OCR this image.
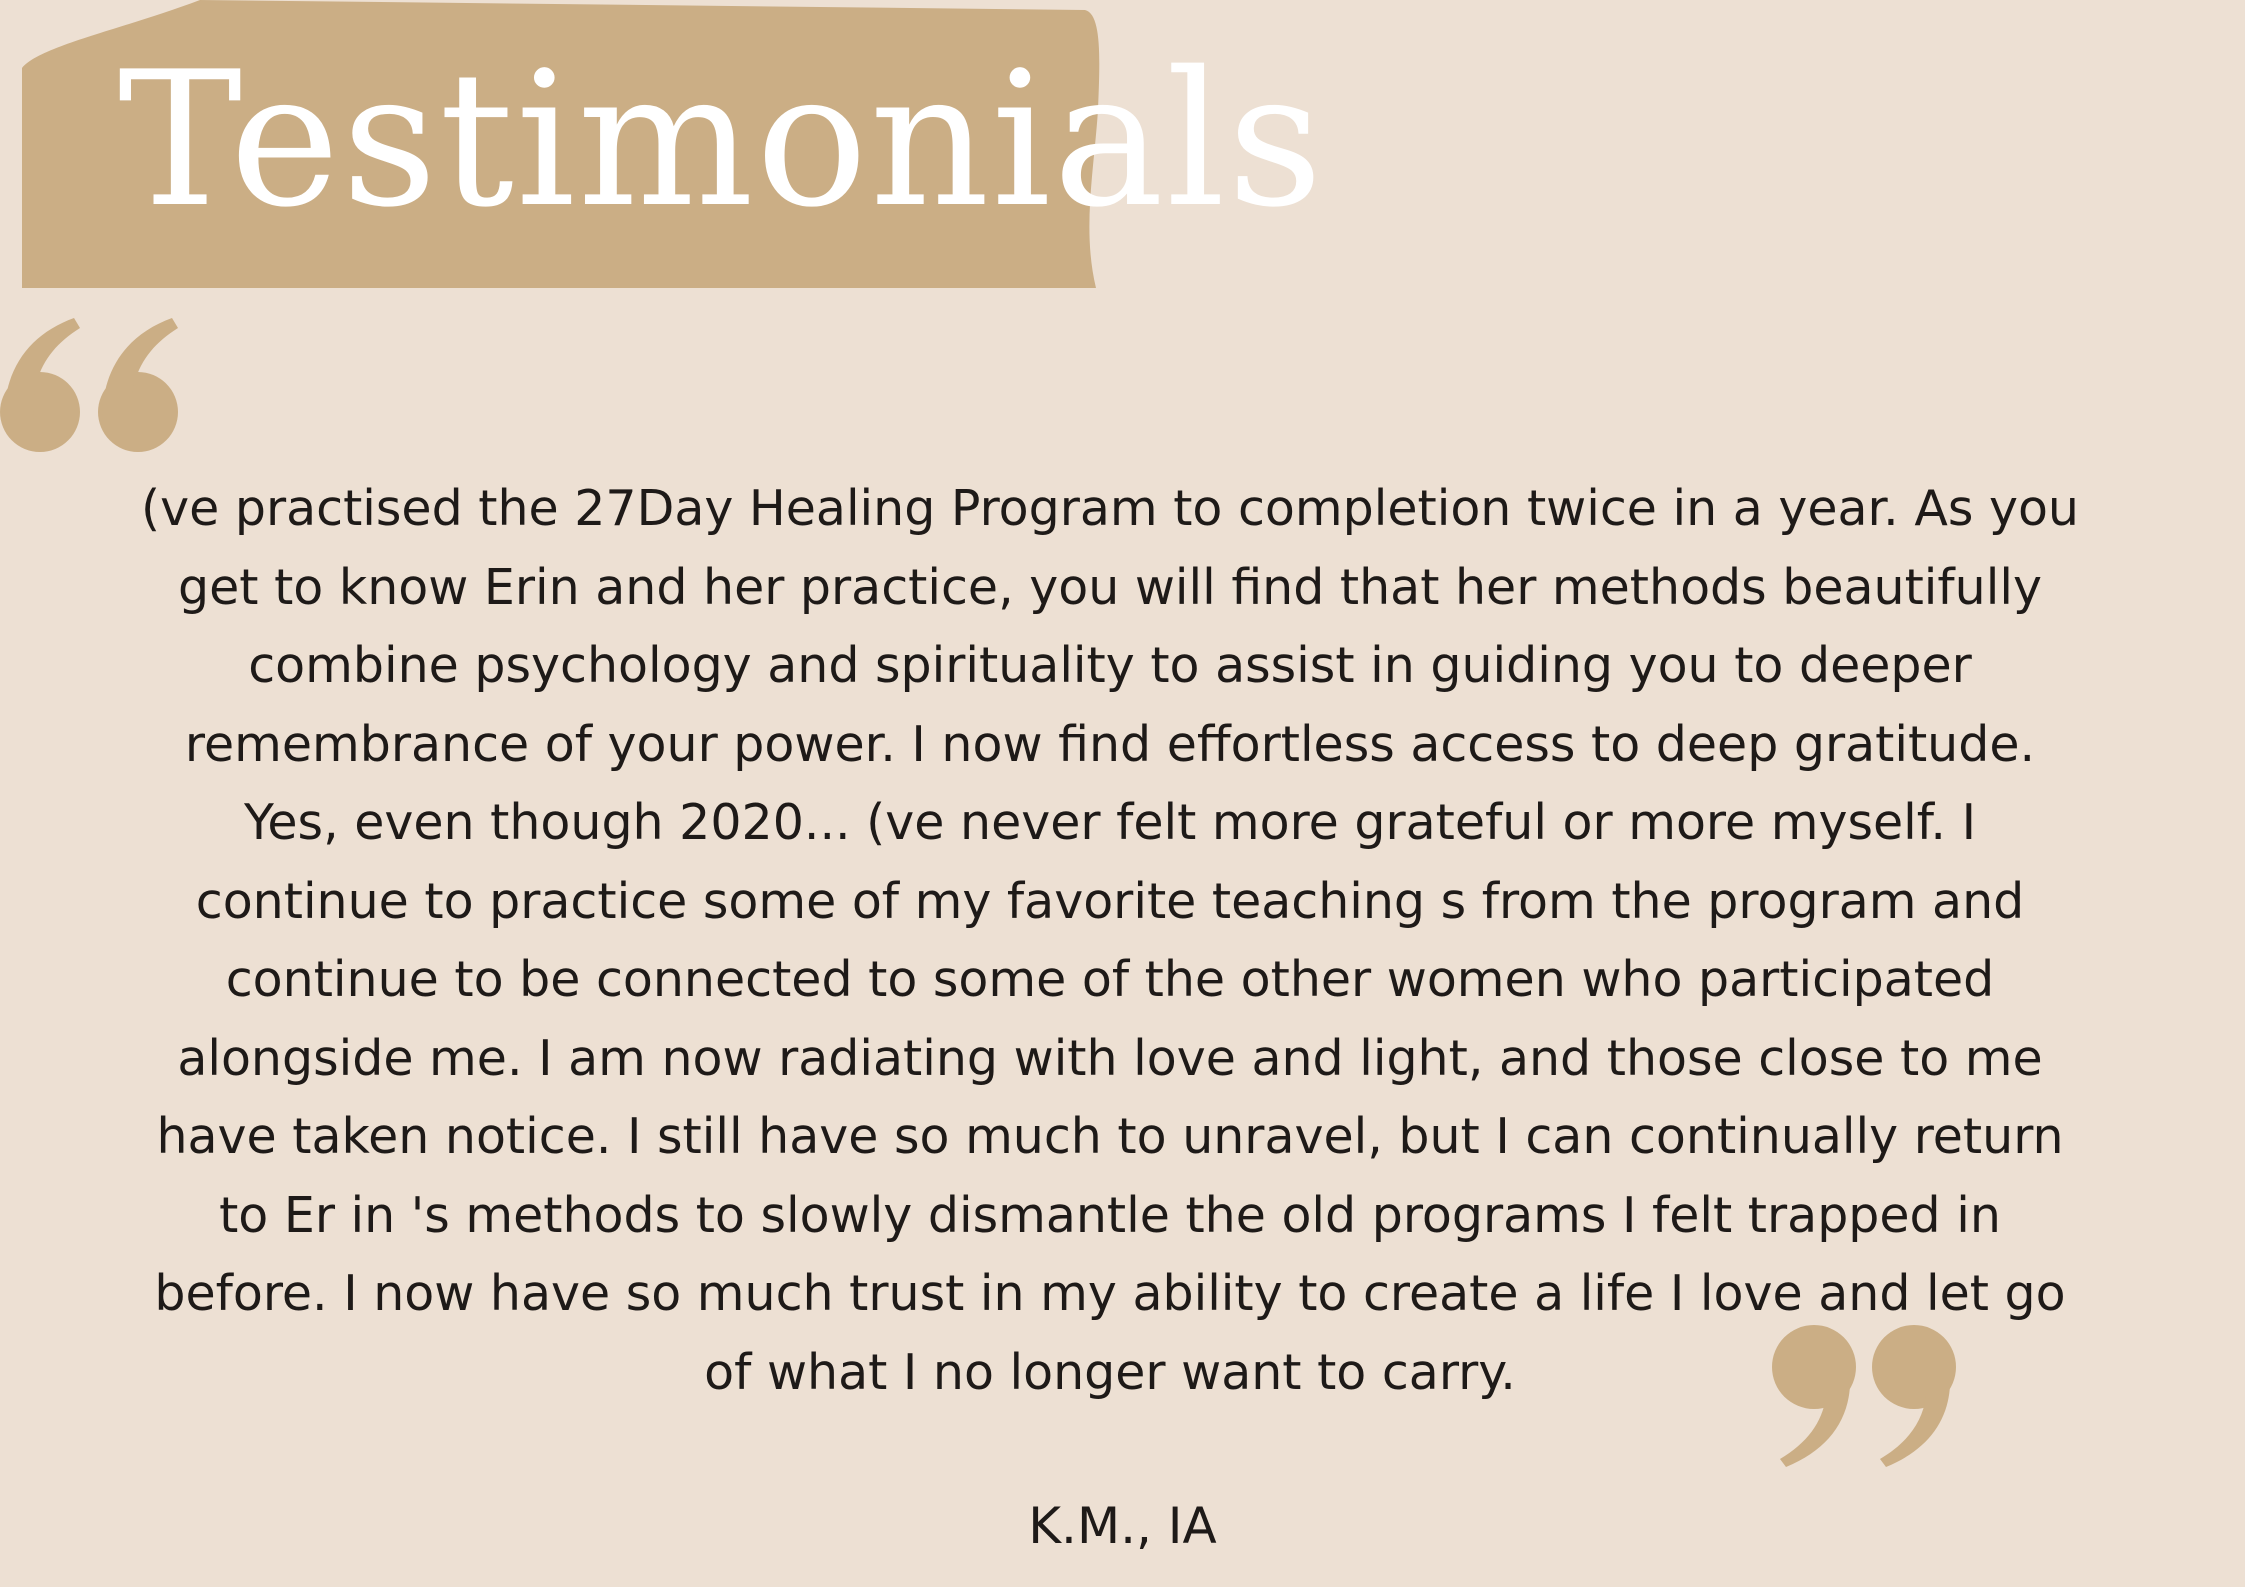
Testimonials

(ve practised the 27Day Healing Program to completion twice in a year. As you
get to know Erin and her practice, you will find that her methods beautifully
combine psychology and spirituality to assist in guiding you to deeper
remembrance of your power. I now find effortless access to deep gratitude.
Yes, even though 2020... (ve never felt more grateful or more myself. I
continue to practice some of my favorite teaching s from the program and
continue to be connected to some of the other women who participated
alongside me. I am now radiating with love and light, and those close to me
have taken notice. I still have so much to unravel, but I can continually return
to Er in 's methods to slowly dismantle the old programs I felt trapped in
before. I now have so much trust in my ability to create a life I love and let go
of what I no longer want to carry.

K.M., IA
